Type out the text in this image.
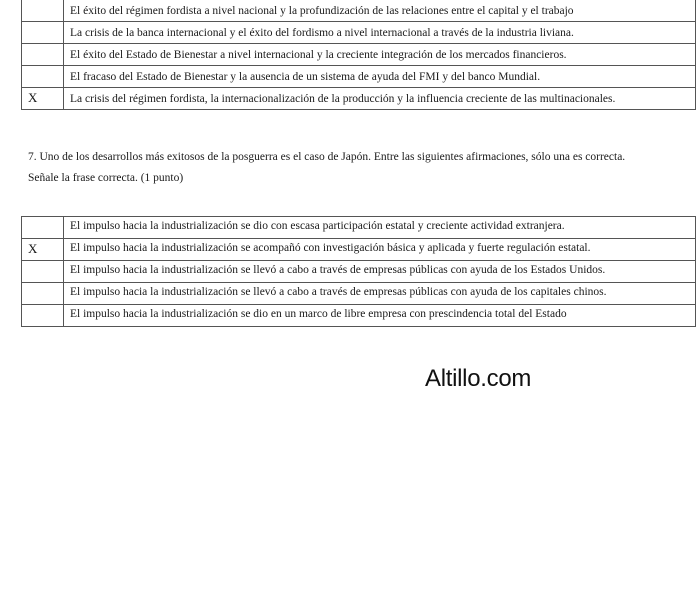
	El éxito del régimen fordista a nivel nacional y la profundización de las relaciones entre el capital y el trabajo
	La crisis de la banca internacional y el éxito del fordismo a nivel internacional a través de la industria liviana.
	El éxito del Estado de Bienestar a nivel internacional y la creciente integración de los mercados financieros.
	El fracaso del Estado de Bienestar y la ausencia de un sistema de ayuda del FMI y del banco Mundial.
X	La crisis del régimen fordista, la internacionalización de la producción y la influencia creciente de las multinacionales.
7. Uno de los desarrollos más exitosos de la posguerra es el caso de Japón. Entre las siguientes afirmaciones, sólo una es correcta.
Señale la frase correcta. (1 punto)
	El impulso hacia la industrialización se dio con escasa participación estatal y creciente actividad extranjera.
X	El impulso hacia la industrialización se acompañó con investigación básica y aplicada y fuerte regulación estatal.
	El impulso hacia la industrialización se llevó a cabo a través de empresas públicas con ayuda de los Estados Unidos.
	El impulso hacia la industrialización se llevó a cabo a través de empresas públicas con ayuda de los capitales chinos.
	El impulso hacia la industrialización se dio en un marco de libre empresa con prescindencia total del Estado
Altillo.com
